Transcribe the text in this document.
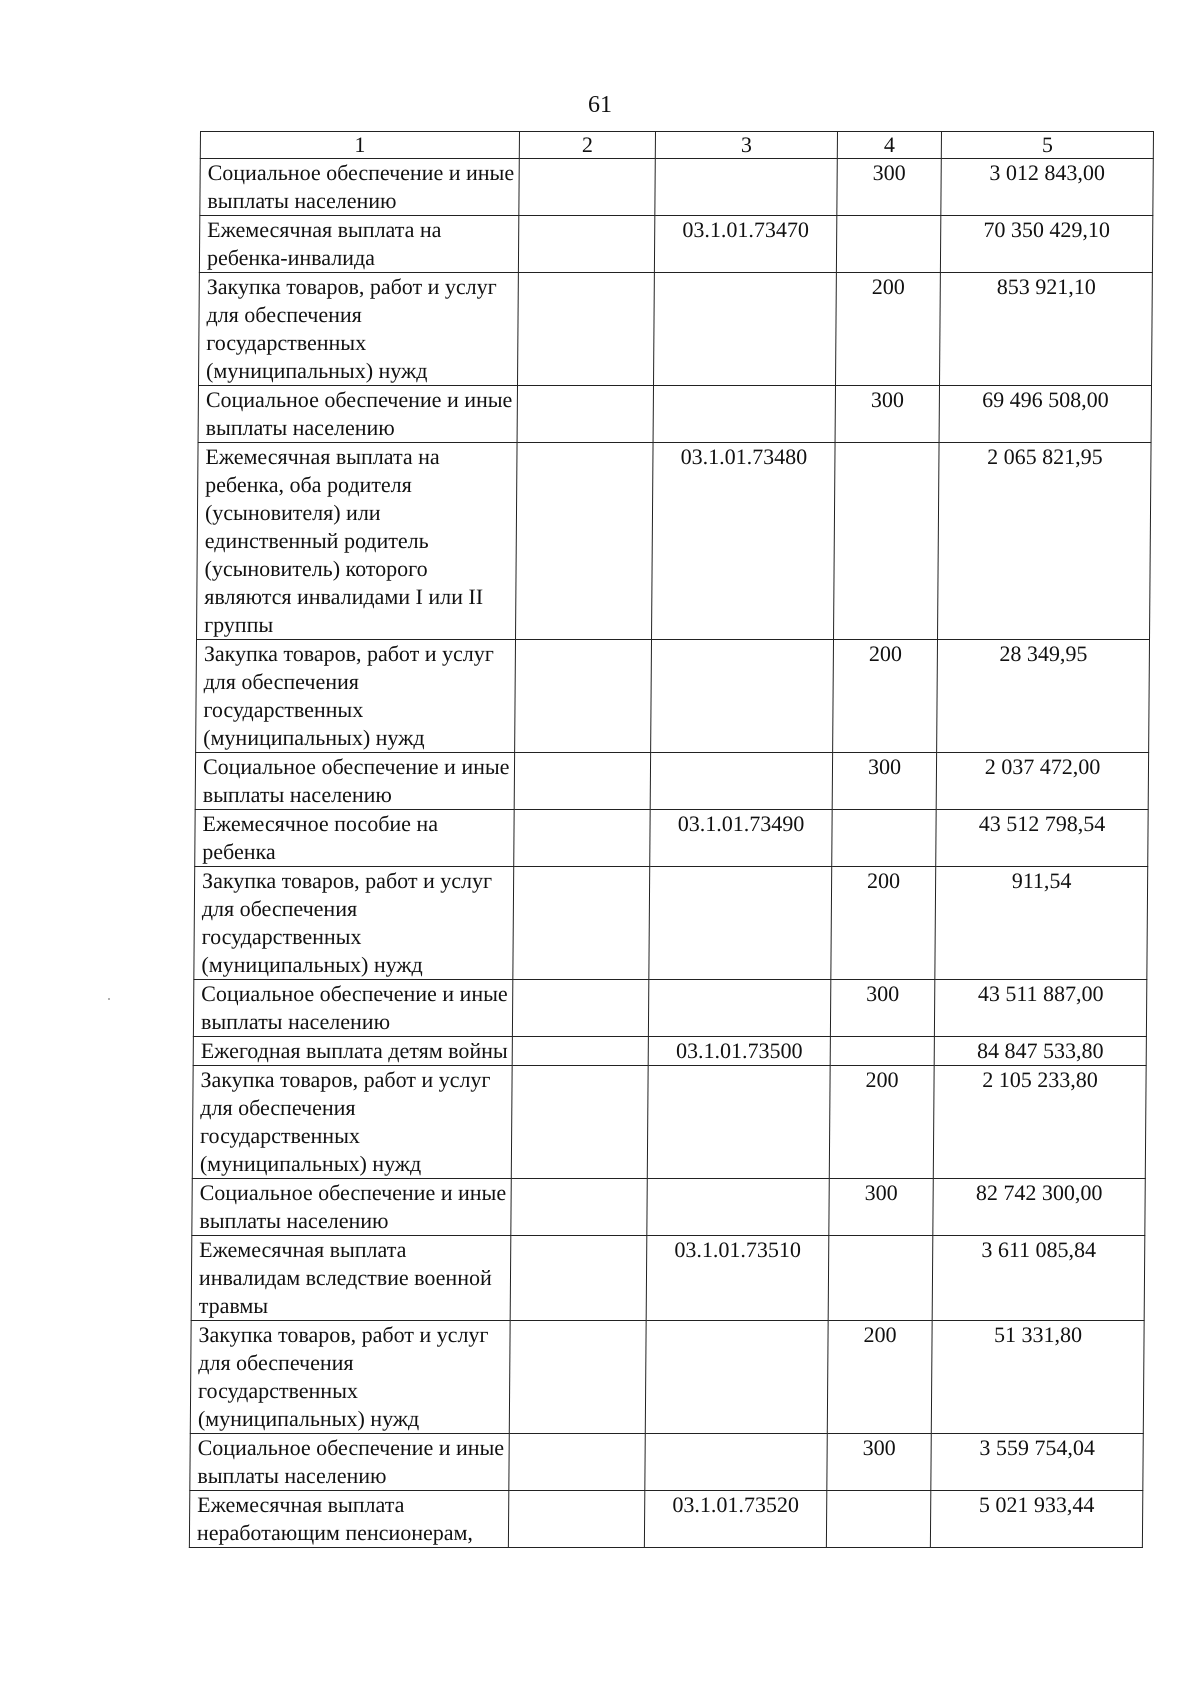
61
1	2	3	4	5
Социальное обеспечение и иные выплаты населению			300	3 012 843,00
Ежемесячная выплата на ребенка-инвалида		03.1.01.73470		70 350 429,10
Закупка товаров, работ и услуг для обеспечения государственных (муниципальных) нужд			200	853 921,10
Социальное обеспечение и иные выплаты населению			300	69 496 508,00
Ежемесячная выплата на ребенка, оба родителя (усыновителя) или единственный родитель (усыновитель) которого являются инвалидами I или II группы		03.1.01.73480		2 065 821,95
Закупка товаров, работ и услуг для обеспечения государственных (муниципальных) нужд			200	28 349,95
Социальное обеспечение и иные выплаты населению			300	2 037 472,00
Ежемесячное пособие на ребенка		03.1.01.73490		43 512 798,54
Закупка товаров, работ и услуг для обеспечения государственных (муниципальных) нужд			200	911,54
Социальное обеспечение и иные выплаты населению			300	43 511 887,00
Ежегодная выплата детям войны		03.1.01.73500		84 847 533,80
Закупка товаров, работ и услуг для обеспечения государственных (муниципальных) нужд			200	2 105 233,80
Социальное обеспечение и иные выплаты населению			300	82 742 300,00
Ежемесячная выплата инвалидам вследствие военной травмы		03.1.01.73510		3 611 085,84
Закупка товаров, работ и услуг для обеспечения государственных (муниципальных) нужд			200	51 331,80
Социальное обеспечение и иные выплаты населению			300	3 559 754,04
Ежемесячная выплата неработающим пенсионерам,		03.1.01.73520		5 021 933,44
